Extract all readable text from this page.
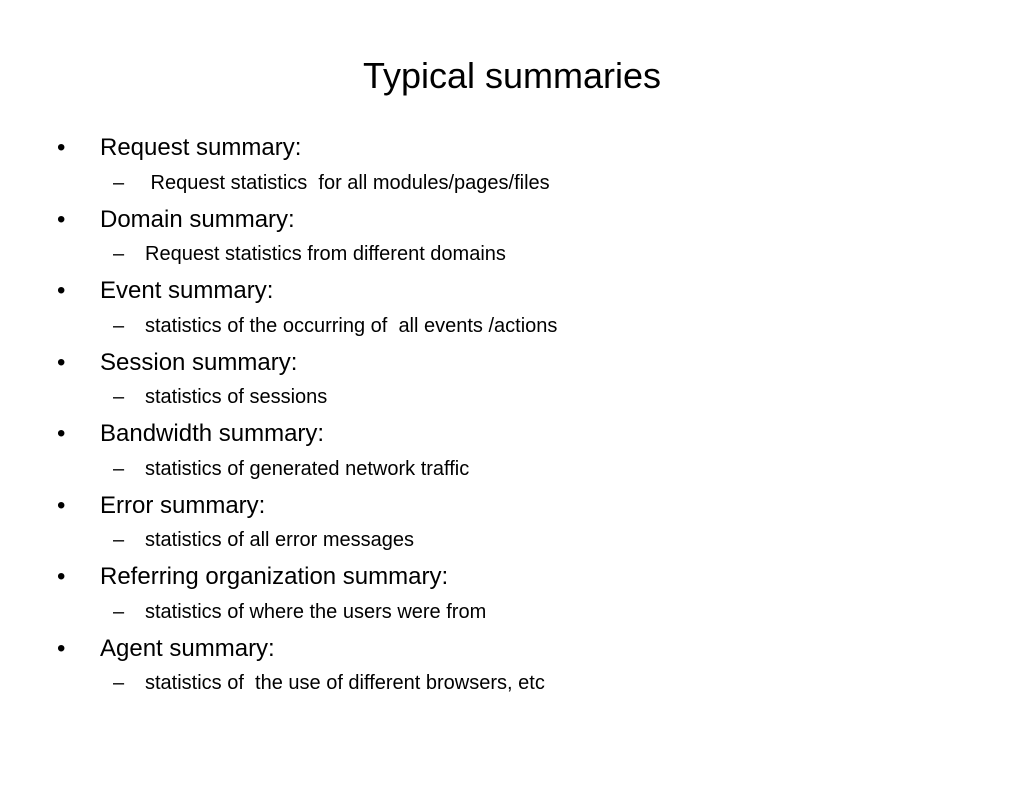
Typical summaries
•	Request summary:

–

	Request statistics  for all modules/pages/files

•	Domain summary:

–

	Request statistics from different domains

•	Event summary:

–

	statistics of the occurring of  all events /actions

•	Session summary:

–

	statistics of sessions

•	Bandwidth summary:

–

	statistics of generated network traffic

•	Error summary:

–

	statistics of all error messages

•	Referring organization summary:

–

	statistics of where the users were from

•	Agent summary:

–

	statistics of  the use of different browsers, etc
